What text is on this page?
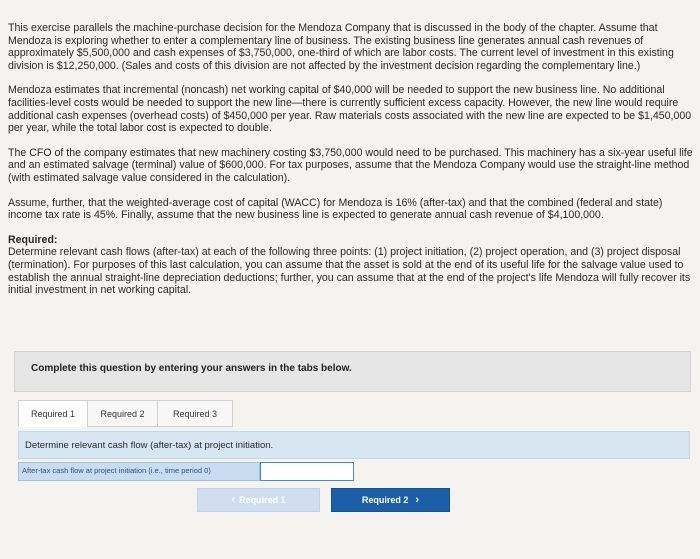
This exercise parallels the machine-purchase decision for the Mendoza Company that is discussed in the body of the chapter. Assume that Mendoza is exploring whether to enter a complementary line of business. The existing business line generates annual cash revenues of approximately $5,500,000 and cash expenses of $3,750,000, one-third of which are labor costs. The current level of investment in this existing division is $12,250,000. (Sales and costs of this division are not affected by the investment decision regarding the complementary line.)

Mendoza estimates that incremental (noncash) net working capital of $40,000 will be needed to support the new business line. No additional facilities-level costs would be needed to support the new line—there is currently sufficient excess capacity. However, the new line would require additional cash expenses (overhead costs) of $450,000 per year. Raw materials costs associated with the new line are expected to be $1,450,000 per year, while the total labor cost is expected to double.

The CFO of the company estimates that new machinery costing $3,750,000 would need to be purchased. This machinery has a six-year useful life and an estimated salvage (terminal) value of $600,000. For tax purposes, assume that the Mendoza Company would use the straight-line method (with estimated salvage value considered in the calculation).

Assume, further, that the weighted-average cost of capital (WACC) for Mendoza is 16% (after-tax) and that the combined (federal and state) income tax rate is 45%. Finally, assume that the new business line is expected to generate annual cash revenue of $4,100,000.

Required:
Determine relevant cash flows (after-tax) at each of the following three points: (1) project initiation, (2) project operation, and (3) project disposal (termination). For purposes of this last calculation, you can assume that the asset is sold at the end of its useful life for the salvage value used to establish the annual straight-line depreciation deductions; further, you can assume that at the end of the project's life Mendoza will fully recover its initial investment in net working capital.
Complete this question by entering your answers in the tabs below.
Required 1	Required 2	Required 3
Determine relevant cash flow (after-tax) at project initiation.
After-tax cash flow at project initiation (i.e., time period 0)
‹ Required 1	Required 2 ›
